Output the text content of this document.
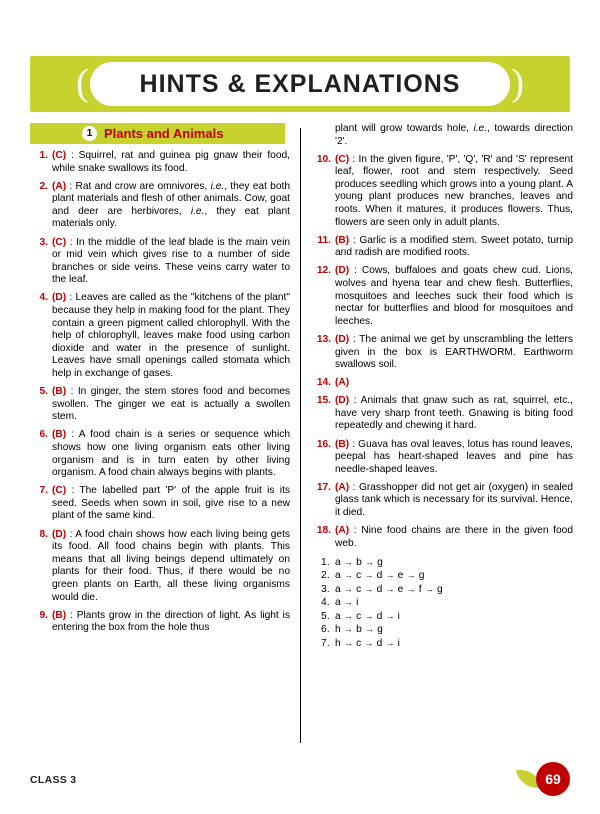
(	)
HINTS & EXPLANATIONS
1 Plants and Animals
1. (C) : Squirrel, rat and guinea pig gnaw their food, while snake swallows its food.
2. (A) : Rat and crow are omnivores, i.e., they eat both plant materials and flesh of other animals. Cow, goat and deer are herbivores, i.e., they eat plant materials only.
3. (C) : In the middle of the leaf blade is the main vein or mid vein which gives rise to a number of side branches or side veins. These veins carry water to the leaf.
4. (D) : Leaves are called as the "kitchens of the plant" because they help in making food for the plant. They contain a green pigment called chlorophyll. With the help of chlorophyll, leaves make food using carbon dioxide and water in the presence of sunlight. Leaves have small openings called stomata which help in exchange of gases.
5. (B) : In ginger, the stem stores food and becomes swollen. The ginger we eat is actually a swollen stem.
6. (B) : A food chain is a series or sequence which shows how one living organism eats other living organism and is in turn eaten by other living organism. A food chain always begins with plants.
7. (C) : The labelled part 'P' of the apple fruit is its seed. Seeds when sown in soil, give rise to a new plant of the same kind.
8. (D) : A food chain shows how each living being gets its food. All food chains begin with plants. This means that all living beings depend ultimately on plants for their food. Thus, if there would be no green plants on Earth, all these living organisms would die.
9. (B) : Plants grow in the direction of light. As light is entering the box from the hole thus
plant will grow towards hole, i.e., towards direction '2'.
10. (C) : In the given figure, 'P', 'Q', 'R' and 'S' represent leaf, flower, root and stem respectively. Seed produces seedling which grows into a young plant. A young plant produces new branches, leaves and roots. When it matures, it produces flowers. Thus, flowers are seen only in adult plants.
11. (B) : Garlic is a modified stem. Sweet potato, turnip and radish are modified roots.
12. (D) : Cows, buffaloes and goats chew cud. Lions, wolves and hyena tear and chew flesh. Butterflies, mosquitoes and leeches suck their food which is nectar for butterflies and blood for mosquitoes and leeches.
13. (D) : The animal we get by unscrambling the letters given in the box is EARTHWORM. Earthworm swallows soil.
14. (A)
15. (D) : Animals that gnaw such as rat, squirrel, etc., have very sharp front teeth. Gnawing is biting food repeatedly and chewing it hard.
16. (B) : Guava has oval leaves, lotus has round leaves, peepal has heart-shaped leaves and pine has needle-shaped leaves.
17. (A) : Grasshopper did not get air (oxygen) in sealed glass tank which is necessary for its survival. Hence, it died.
18. (A) : Nine food chains are there in the given food web.
1. a → b → g
2. a → c → d → e → g
3. a → c → d → e → f → g
4. a → i
5. a → c → d → i
6. h → b → g
7. h → c → d → i
CLASS 3	69
